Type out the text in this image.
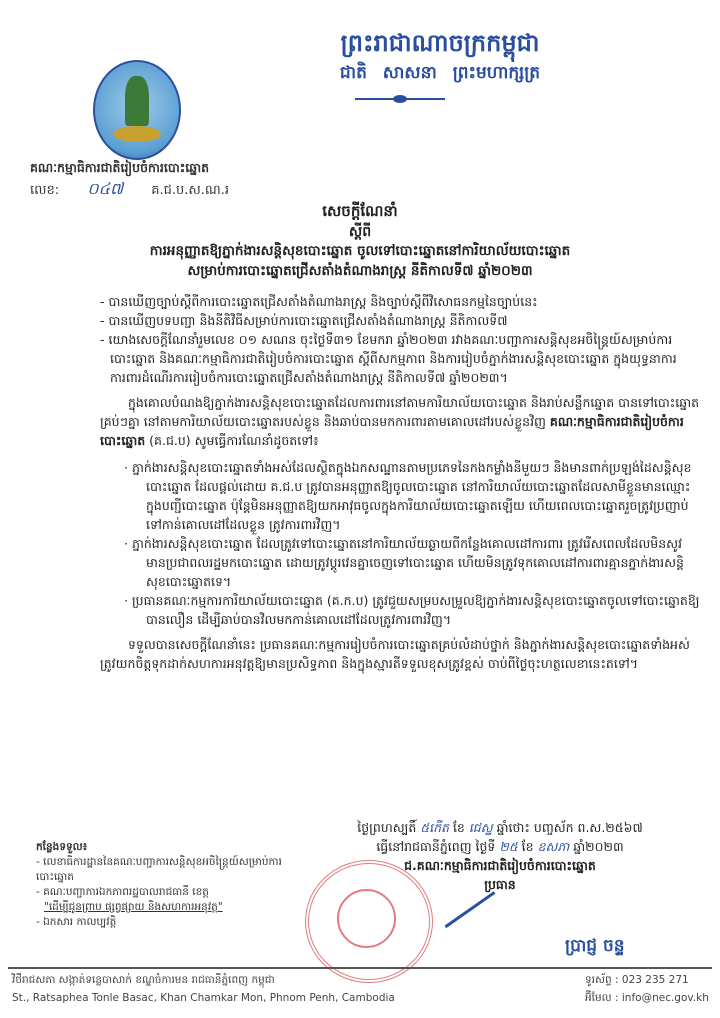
ព្រះរាជាណាចក្រកម្ពុជា
ជាតិ សាសនា ព្រះមហាក្សត្រ
គណៈកម្មាធិការជាតិរៀបចំការបោះឆ្នោត
លេខ: ០៤៧ គ.ជ.ប.ស.ណ.រ
សេចក្តីណែនាំ
ស្តីពី
ការអនុញ្ញាតឱ្យភ្នាក់ងារសន្តិសុខបោះឆ្នោត ចូលទៅបោះឆ្នោតនៅការិយាល័យបោះឆ្នោត
សម្រាប់ការបោះឆ្នោតជ្រើសតាំងតំណាងរាស្ត្រ នីតិកាលទី៧ ឆ្នាំ២០២៣

- បានឃើញច្បាប់ស្តីពីការបោះឆ្នោតជ្រើសតាំងតំណាងរាស្ត្រ និងច្បាប់ស្តីពីវិសោធនកម្មនៃច្បាប់នេះ

- បានឃើញបទបញ្ជា និងនីតិវិធីសម្រាប់ការបោះឆ្នោតជ្រើសតាំងតំណាងរាស្ត្រ នីតិកាលទី៧

- យោងសេចក្តីណែនាំរួមលេខ ០១ សណន ចុះថ្ងៃទី៣១ ខែមករា ឆ្នាំ២០២៣ រវាងគណៈបញ្ជាការសន្តិសុខអចិន្ត្រៃយ៍សម្រាប់ការបោះឆ្នោត និងគណៈកម្មាធិការជាតិរៀបចំការបោះឆ្នោត ស្តីពីសកម្មភាព និងការរៀបចំភ្នាក់ងារសន្តិសុខបោះឆ្នោត ក្នុងយុទ្ធនាការការពារដំណើរការរៀបចំការបោះឆ្នោតជ្រើសតាំងតំណាងរាស្ត្រ នីតិកាលទី៧ ឆ្នាំ២០២៣។

ក្នុងគោលបំណងឱ្យភ្នាក់ងារសន្តិសុខបោះឆ្នោតដែលការពារនៅតាមការិយាល័យបោះឆ្នោត និងរាប់សន្លឹកឆ្នោត បានទៅបោះឆ្នោតគ្រប់ៗគ្នា នៅតាមការិយាល័យបោះឆ្នោតរបស់ខ្លួន និងឆាប់បានមកការពារតាមគោលដៅរបស់ខ្លួនវិញ គណៈកម្មាធិការជាតិរៀបចំការបោះឆ្នោត (គ.ជ.ប) សូមធ្វើការណែនាំដូចតទៅ៖

· ភ្នាក់ងារសន្តិសុខបោះឆ្នោតទាំងអស់ដែលស្ថិតក្នុងឯកសណ្ឋានតាមប្រភេទនៃកងកម្លាំងនីមួយៗ និងមានពាក់ប្រឡង់ដៃសន្តិសុខបោះឆ្នោត ដែលផ្តល់ដោយ គ.ជ.ប ត្រូវបានអនុញ្ញាតឱ្យចូលបោះឆ្នោត នៅការិយាល័យបោះឆ្នោតដែលសាមីខ្លួនមានឈ្មោះក្នុងបញ្ជីបោះឆ្នោត ប៉ុន្តែមិនអនុញ្ញាតឱ្យយកអាវុធចូលក្នុងការិយាល័យបោះឆ្នោតឡើយ ហើយពេលបោះឆ្នោតរួចត្រូវប្រញាប់ទៅកាន់គោលដៅដែលខ្លួន ត្រូវការពារវិញ។

· ភ្នាក់ងារសន្តិសុខបោះឆ្នោត ដែលត្រូវទៅបោះឆ្នោតនៅការិយាល័យឆ្ងាយពីកន្លែងគោលដៅការពារ ត្រូវរើសពេលដែលមិនសូវមានប្រជាពលរដ្ឋមកបោះឆ្នោត ដោយត្រូវប្តូរវេនគ្នាចេញទៅបោះឆ្នោត ហើយមិនត្រូវទុកគោលដៅការពារគ្មានភ្នាក់ងារសន្តិសុខបោះឆ្នោតទេ។

· ប្រធានគណៈកម្មការការិយាល័យបោះឆ្នោត (គ.ក.ប) ត្រូវជួយសម្របសម្រួលឱ្យភ្នាក់ងារសន្តិសុខបោះឆ្នោតចូលទៅបោះឆ្នោតឱ្យបានលឿន ដើម្បីឆាប់បានវិលមកកាន់គោលដៅដែលត្រូវការពារវិញ។

ទទួលបានសេចក្តីណែនាំនេះ ប្រធានគណៈកម្មការរៀបចំការបោះឆ្នោតគ្រប់លំដាប់ថ្នាក់ និងភ្នាក់ងារសន្តិសុខបោះឆ្នោតទាំងអស់ត្រូវយកចិត្តទុកដាក់សហការអនុវត្តឱ្យមានប្រសិទ្ធភាព និងក្នុងស្មារតីទទួលខុសត្រូវខ្ពស់ ចាប់ពីថ្ងៃចុះហត្ថលេខានេះតទៅ។

ថ្ងៃព្រហស្បតិ៍ ៥កើត ខែ ជេស្ឋ ឆ្នាំថោះ បញ្ចស័ក ព.ស.២៥៦៧
ធ្វើនៅរាជធានីភ្នំពេញ ថ្ងៃទី ២៥ ខែ ឧសភា ឆ្នាំ២០២៣
ជ.គណៈកម្មាធិការជាតិរៀបចំការបោះឆ្នោត
ប្រធាន
ប្រាជ្ញ ចន្ទ
កន្លែងទទួល៖
- លេខាធិការដ្ឋាននៃគណៈបញ្ជាការសន្តិសុខអចិន្ត្រៃយ៍សម្រាប់ការបោះឆ្នោត
- គណៈបញ្ជាការឯកភាពរដ្ឋបាលរាជធានី ខេត្ត
"ដើម្បីជូនព្រាប ផ្សព្វផ្សាយ និងសហការអនុវត្ត"
- ឯកសារ កាលប្បវត្តិ
វិថីរាជសភា សង្កាត់ទន្លេបាសាក់ ខណ្ឌចំការមន រាជធានីភ្នំពេញ កម្ពុជា
St., Ratsaphea Tonle Basac, Khan Chamkar Mon, Phnom Penh, Cambodia
ទូរស័ព្ទ : 023 235 271
អ៊ីមែល : info@nec.gov.kh
